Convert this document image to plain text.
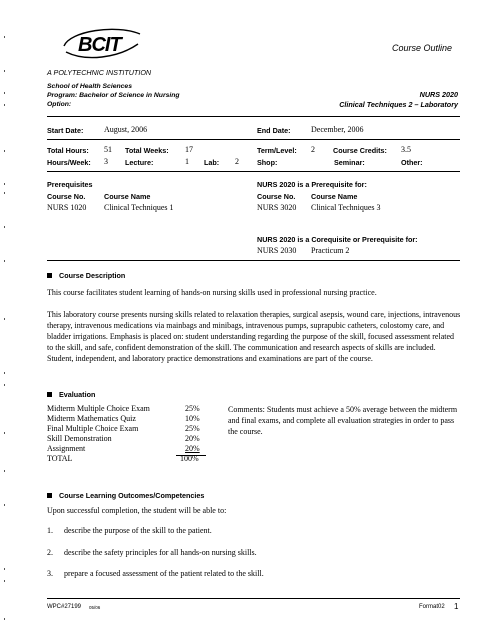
BCIT	Course Outline
A POLYTECHNIC INSTITUTION
School of Health Sciences
Program: Bachelor of Science in Nursing
Option:
NURS 2020
Clinical Techniques 2 – Laboratory
Start Date:	August, 2006	End Date:	December, 2006
Total Hours: 51 Total Weeks: 17	Term/Level: 2	Course Credits: 3.5
Hours/Week: 3 Lecture:	1 Lab: 2	Shop:	Seminar:	Other:
Prerequisites
Course No.	Course Name
NURS 1020 Clinical Techniques 1
NURS 2020 is a Prerequisite for:
Course No. Course Name
NURS 3020 Clinical Techniques 3
NURS 2020 is a Corequisite or Prerequisite for:
NURS 2030 Practicum 2
Course Description
This course facilitates student learning of hands-on nursing skills used in professional nursing practice.
This laboratory course presents nursing skills related to relaxation therapies, surgical asepsis, wound care, injections, intravenous therapy, intravenous medications via mainbags and minibags, intravenous pumps, suprapubic catheters, colostomy care, and bladder irrigations. Emphasis is placed on: student understanding regarding the purpose of the skill, focused assessment related to the skill, and safe, confident demonstration of the skill. The communication and research aspects of skills are included. Student, independent, and laboratory practice demonstrations and examinations are part of the course.
Evaluation
Midterm Multiple Choice Exam	25%
Midterm Mathematics Quiz	10%
Final Multiple Choice Exam	25%
Skill Demonstration	20%
Assignment	20%
TOTAL	100%
Comments: Students must achieve a 50% average between the midterm and final exams, and complete all evaluation strategies in order to pass the course.
Course Learning Outcomes/Competencies
Upon successful completion, the student will be able to:
1. describe the purpose of the skill to the patient.
2. describe the safety principles for all hands-on nursing skills.
3. prepare a focused assessment of the patient related to the skill.
WPC#27199 05/06	Format02 1
